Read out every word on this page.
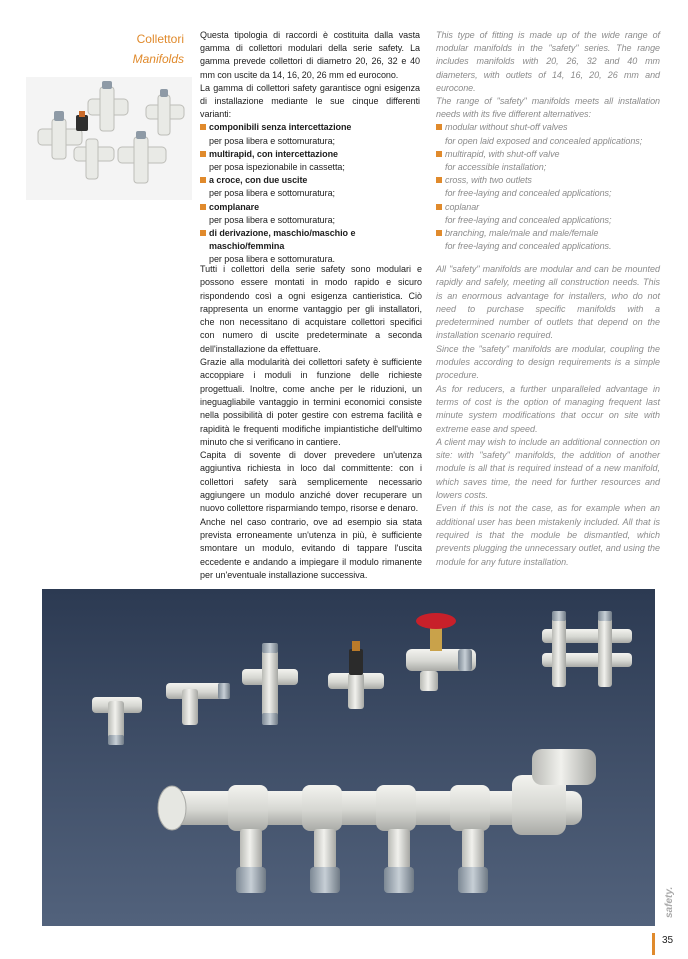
Collettori
Manifolds

Questa tipologia di raccordi è costituita dalla vasta gamma di collettori modulari della serie safety. La gamma prevede collettori di diametro 20, 26, 32 e 40 mm con uscite da 14, 16, 20, 26 mm ed eurocono.

La gamma di collettori safety garantisce ogni esigenza di installazione mediante le sue cinque differenti varianti:

componibili senza intercettazione

per posa libera e sottomuratura;

multirapid, con intercettazione

per posa ispezionabile in cassetta;

a croce, con due uscite

per posa libera e sottomuratura;

complanare

per posa libera e sottomuratura;

di derivazione, maschio/maschio e maschio/femmina

per posa libera e sottomuratura.

This type of fitting is made up of the wide range of modular manifolds in the "safety" series. The range includes manifolds with 20, 26, 32 and 40 mm diameters, with outlets of 14, 16, 20, 26 mm and eurocone.

The range of "safety" manifolds meets all installation needs with its five different alternatives:

modular without shut-off valves

for open laid exposed and concealed applications;

multirapid, with shut-off valve

for accessible installation;

cross, with two outlets

for free-laying and concealed applications;

coplanar

for free-laying and concealed applications;

branching, male/male and male/female

for free-laying and concealed applications.

Tutti i collettori della serie safety sono modulari e possono essere montati in modo rapido e sicuro rispondendo così a ogni esigenza cantieristica. Ciò rappresenta un enorme vantaggio per gli installatori, che non necessitano di acquistare collettori specifici con numero di uscite predeterminate a seconda dell'installazione da effettuare.

Grazie alla modularità dei collettori safety è sufficiente accoppiare i moduli in funzione delle richieste progettuali. Inoltre, come anche per le riduzioni, un ineguagliabile vantaggio in termini economici consiste nella possibilità di poter gestire con estrema facilità e rapidità le frequenti modifiche impiantistiche dell'ultimo minuto che si verificano in cantiere.

Capita di sovente di dover prevedere un'utenza aggiuntiva richiesta in loco dal committente: con i collettori safety sarà semplicemente necessario aggiungere un modulo anziché dover recuperare un nuovo collettore risparmiando tempo, risorse e denaro.

Anche nel caso contrario, ove ad esempio sia stata prevista erroneamente un'utenza in più, è sufficiente smontare un modulo, evitando di tappare l'uscita eccedente e andando a impiegare il modulo rimanente per un'eventuale installazione successiva.

All "safety" manifolds are modular and can be mounted rapidly and safely, meeting all construction needs. This is an enormous advantage for installers, who do not need to purchase specific manifolds with a predetermined number of outlets that depend on the installation scenario required.

Since the "safety" manifolds are modular, coupling the modules according to design requirements is a simple procedure.

As for reducers, a further unparalleled advantage in terms of cost is the option of managing frequent last minute system modifications that occur on site with extreme ease and speed.

A client may wish to include an additional connection on site: with "safety" manifolds, the addition of another module is all that is required instead of a new manifold, which saves time, the need for further resources and lowers costs.

Even if this is not the case, as for example when an additional user has been mistakenly included. All that is required is that the module be dismantled, which prevents plugging the unnecessary outlet, and using the module for any future installation.

safety.
35
